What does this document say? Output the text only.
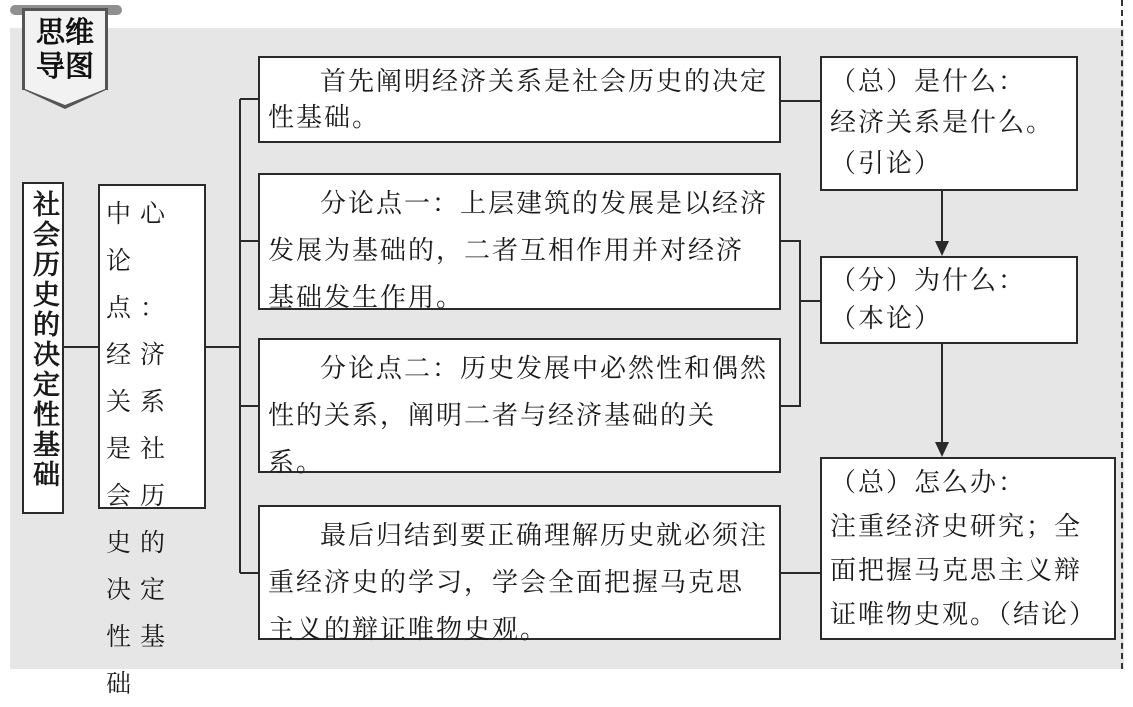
思维
导图
社会历史的决定性基础	中心论点：经济关系是社会历史的决定性基础
首先阐明经济关系是社会历史的决定性基础。
分论点一：上层建筑的发展是以经济发展为基础的，二者互相作用并对经济基础发生作用。
分论点二：历史发展中必然性和偶然性的关系，阐明二者与经济基础的关系。
最后归结到要正确理解历史就必须注重经济史的学习，学会全面把握马克思主义的辩证唯物史观。
（总）是什么：
经济关系是什么。
（引论）
（分）为什么：
（本论）
（总）怎么办：
注重经济史研究；全面把握马克思主义辩证唯物史观。（结论）
